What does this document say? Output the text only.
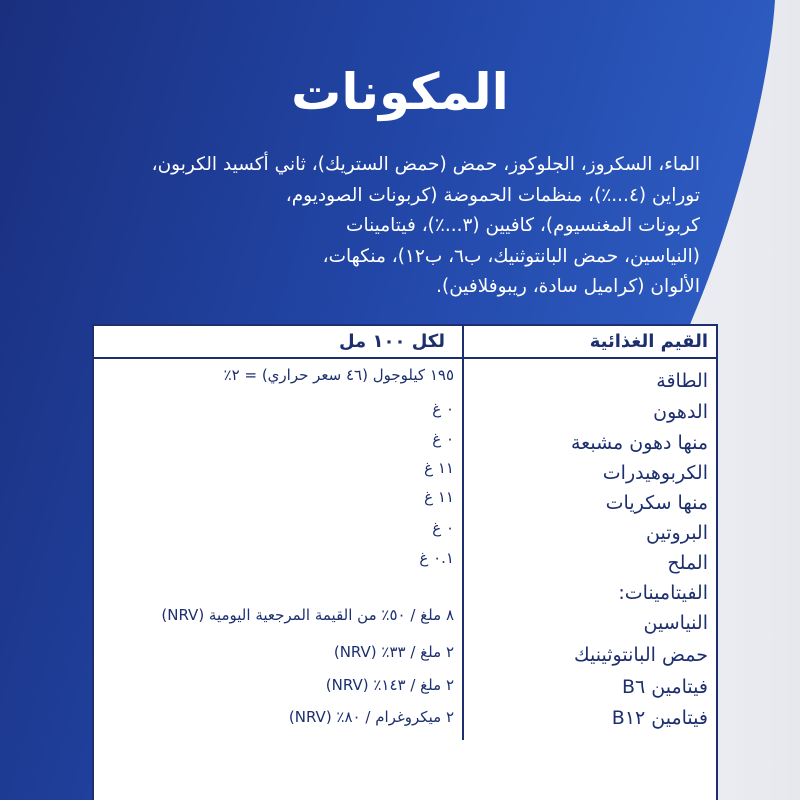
المكونات

الماء، السكروز، الجلوكوز، حمض (حمض الستريك)، ثاني أكسيد الكربون،

توراين (٤...٪)، منظمات الحموضة (كربونات الصوديوم،

كربونات المغنسيوم)، كافيين (٣...٪)، فيتامينات

(النياسين، حمض البانتوثنيك، ب٦، ب١٢)، منكهات،

الألوان (كراميل سادة، ريبوفلافين).

القيم الغذائية
لكل ١٠٠ مل
الطاقة
١٩٥ كيلوجول (٤٦ سعر حراري) = ٢٪
الدهون
٠ غ
منها دهون مشبعة
٠ غ
الكربوهيدرات
١١ غ
منها سكريات
١١ غ
البروتين
٠ غ
الملح
٠.١ غ
الفيتامينات:
النياسين
٨ ملغ / ٥٠٪ من القيمة المرجعية اليومية (NRV)
حمض البانتوثينيك
٢ ملغ / ٣٣٪ (NRV)
فيتامين B٦
٢ ملغ / ١٤٣٪ (NRV)
فيتامين B١٢
٢ ميكروغرام / ٨٠٪ (NRV)
